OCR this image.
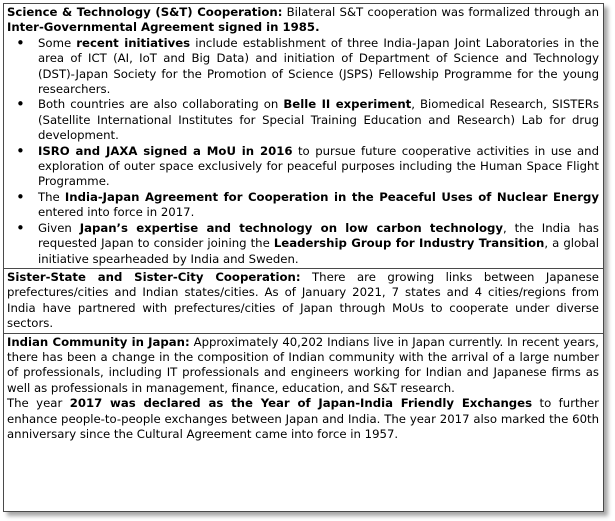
Science & Technology (S&T) Cooperation: Bilateral S&T cooperation was formalized through an Inter-Governmental Agreement signed in 1985.

• Some recent initiatives include establishment of three India-Japan Joint Laboratories in the area of ICT (AI, IoT and Big Data) and initiation of Department of Science and Technology (DST)-Japan Society for the Promotion of Science (JSPS) Fellowship Programme for the young researchers.
• Both countries are also collaborating on Belle II experiment, Biomedical Research, SISTERs (Satellite International Institutes for Special Training Education and Research) Lab for drug development.
• ISRO and JAXA signed a MoU in 2016 to pursue future cooperative activities in use and exploration of outer space exclusively for peaceful purposes including the Human Space Flight Programme.
• The India-Japan Agreement for Cooperation in the Peaceful Uses of Nuclear Energy entered into force in 2017.
• Given Japan’s expertise and technology on low carbon technology, the India has requested Japan to consider joining the Leadership Group for Industry Transition, a global initiative spearheaded by India and Sweden.

Sister-State and Sister-City Cooperation: There are growing links between Japanese prefectures/cities and Indian states/cities. As of January 2021, 7 states and 4 cities/regions from India have partnered with prefectures/cities of Japan through MoUs to cooperate under diverse sectors.

Indian Community in Japan: Approximately 40,202 Indians live in Japan currently. In recent years, there has been a change in the composition of Indian community with the arrival of a large number of professionals, including IT professionals and engineers working for Indian and Japanese firms as well as professionals in management, finance, education, and S&T research.

The year 2017 was declared as the Year of Japan-India Friendly Exchanges to further enhance people-to-people exchanges between Japan and India. The year 2017 also marked the 60th anniversary since the Cultural Agreement came into force in 1957.
